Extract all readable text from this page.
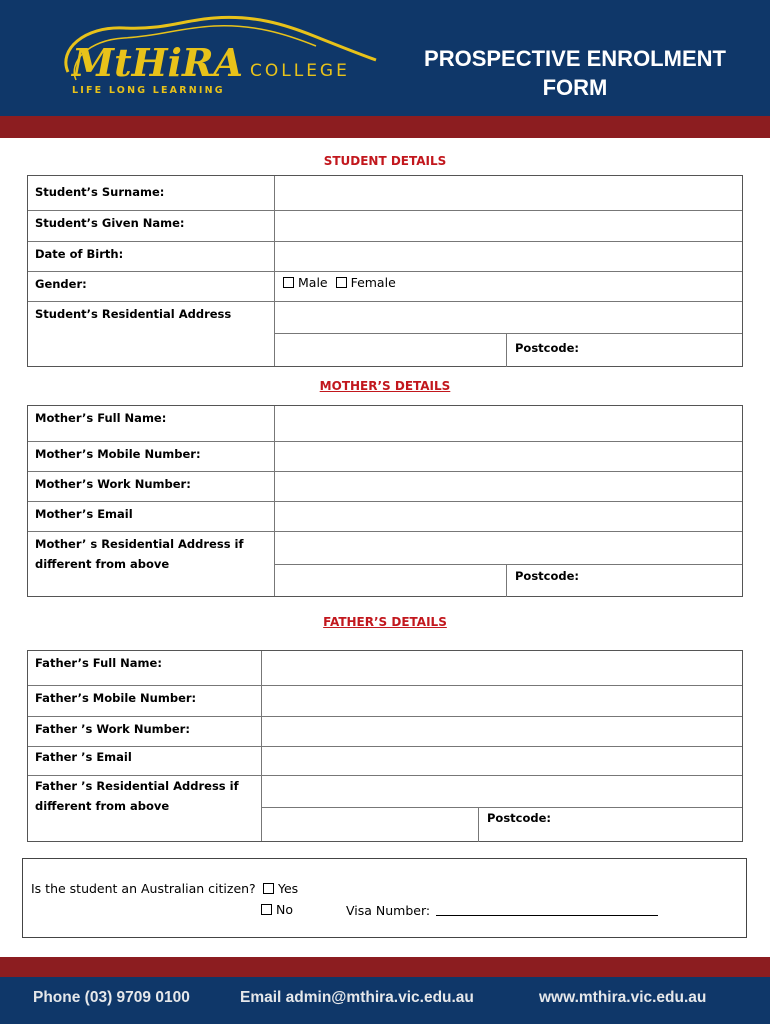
MtHiRA COLLEGE
LIFE LONG LEARNING
PROSPECTIVE ENROLMENT
FORM
STUDENT DETAILS
Student’s Surname:
Student’s Given Name:
Date of Birth:
Gender:	Male Female
Student’s Residential Address
Postcode:
MOTHER’S DETAILS
Mother’s Full Name:
Mother’s Mobile Number:
Mother’s Work Number:
Mother’s Email
Mother’ s Residential Address if
different from above
Postcode:
FATHER’S DETAILS
Father’s Full Name:
Father’s Mobile Number:
Father ’s Work Number:
Father ’s Email
Father ’s Residential Address if
different from above
Postcode:
Is the student an Australian citizen?	Yes
No	Visa Number:
Phone (03) 9709 0100	Email admin@mthira.vic.edu.au	www.mthira.vic.edu.au
